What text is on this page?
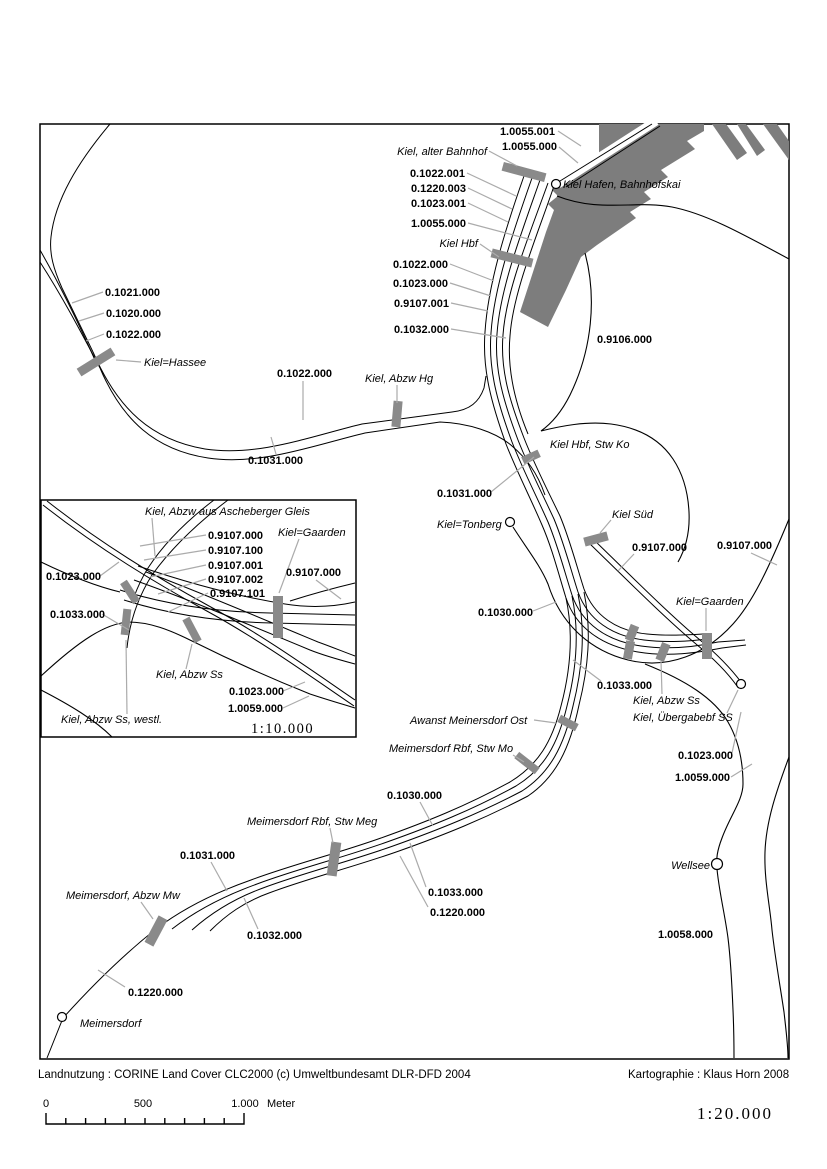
1.0055.001
1.0055.000
Kiel, alter Bahnhof
0.1022.001
0.1220.003
0.1023.001
1.0055.000
Kiel Hbf
0.1022.000
0.1023.000
0.9107.001
0.1032.000
Kiel Hafen, Bahnhofskai
0.9106.000
0.1021.000
0.1020.000
0.1022.000
Kiel=Hassee
0.1022.000
0.1031.000
Kiel, Abzw Hg
Kiel Hbf, Stw Ko
0.1031.000
Kiel=Tonberg
Kiel Süd
0.9107.000	0.9107.000
Kiel=Gaarden
0.1030.000
0.1033.000
Kiel, Abzw Ss
Kiel, Übergabebf SS
0.1023.000
1.0059.000
Wellsee
1.0058.000
Awanst Meinersdorf Ost
Meimersdorf Rbf, Stw Mo
0.1030.000
0.1033.000
0.1220.000
Meimersdorf Rbf, Stw Meg
0.1031.000
Meimersdorf, Abzw Mw
0.1032.000
0.1220.000
Meimersdorf
Kiel, Abzw aus Ascheberger Gleis
0.9107.000
0.9107.100
0.9107.001
0.9107.002
0.9107.101
Kiel=Gaarden
0.1023.000	0.9107.000
0.1033.000
Kiel, Abzw Ss
0.1023.000
1.0059.000
Kiel, Abzw Ss, westl.
1:10.000
Landnutzung : CORINE Land Cover CLC2000 (c) Umweltbundesamt DLR-DFD 2004	Kartographie : Klaus Horn 2008
0	500	1.000 Meter	1:20.000
